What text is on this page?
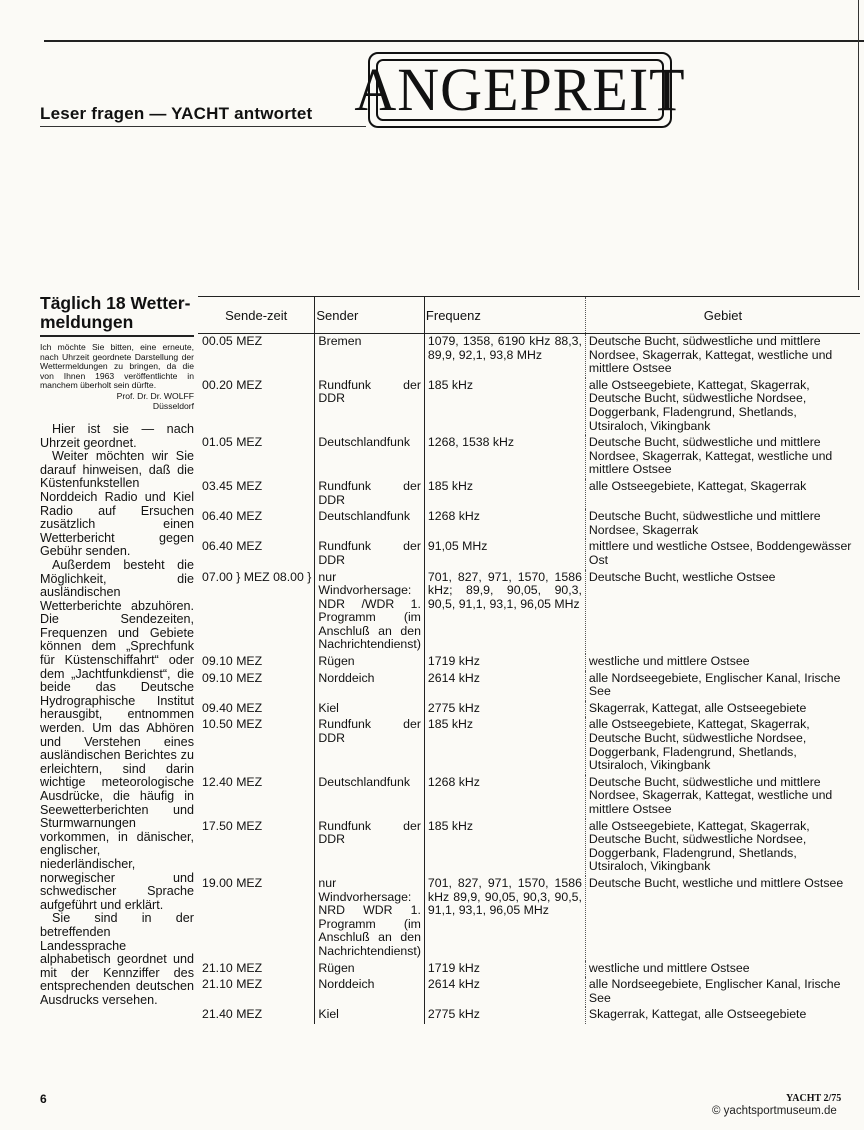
Leser fragen — YACHT antwortet ANGEPREIT
Täglich 18 Wetter-meldungen
Ich möchte Sie bitten, eine erneute, nach Uhrzeit geordnete Darstellung der Wettermeldungen zu bringen, da die von Ihnen 1963 veröffentlichte in manchem überholt sein dürfte.
Prof. Dr. Dr. WOLFF
Düsseldorf

Hier ist sie — nach Uhrzeit geordnet.

Weiter möchten wir Sie darauf hinweisen, daß die Küstenfunkstellen Norddeich Radio und Kiel Radio auf Ersuchen zusätzlich einen Wetterbericht gegen Gebühr senden.

Außerdem besteht die Möglichkeit, die ausländischen Wetterberichte abzuhören. Die Sendezeiten, Frequenzen und Gebiete können dem „Sprechfunk für Küstenschiffahrt“ oder dem „Jachtfunkdienst“, die beide das Deutsche Hydrographische Institut herausgibt, entnommen werden. Um das Abhören und Verstehen eines ausländischen Berichtes zu erleichtern, sind darin wichtige meteorologische Ausdrücke, die häufig in Seewetterberichten und Sturmwarnungen vorkommen, in dänischer, englischer, niederländischer, norwegischer und schwedischer Sprache aufgeführt und erklärt.

Sie sind in der betreffenden Landessprache alphabetisch geordnet und mit der Kennziffer des entsprechenden deutschen Ausdrucks versehen.

Sende-zeit	Sender	Frequenz	Gebiet
00.05 MEZ	Bremen	1079, 1358, 6190 kHz 88,3, 89,9, 92,1, 93,8 MHz	Deutsche Bucht, südwestliche und mittlere Nordsee, Skagerrak, Kattegat, westliche und mittlere Ostsee
00.20 MEZ	Rundfunk der DDR	185 kHz	alle Ostseegebiete, Kattegat, Skagerrak, Deutsche Bucht, südwestliche Nordsee, Doggerbank, Fladengrund, Shetlands, Utsiraloch, Vikingbank
01.05 MEZ	Deutschlandfunk	1268, 1538 kHz	Deutsche Bucht, südwestliche und mittlere Nordsee, Skagerrak, Kattegat, westliche und mittlere Ostsee
03.45 MEZ	Rundfunk der DDR	185 kHz	alle Ostseegebiete, Kattegat, Skagerrak
06.40 MEZ	Deutschlandfunk	1268 kHz	Deutsche Bucht, südwestliche und mittlere Nordsee, Skagerrak
06.40 MEZ	Rundfunk der DDR	91,05 MHz	mittlere und westliche Ostsee, Boddengewässer Ost
07.00 } MEZ 08.00 }	nur Windvorhersage: NDR /WDR 1. Programm (im Anschluß an den Nachrichtendienst)	701, 827, 971, 1570, 1586 kHz; 89,9, 90,05, 90,3, 90,5, 91,1, 93,1, 96,05 MHz	Deutsche Bucht, westliche Ostsee
09.10 MEZ	Rügen	1719 kHz	westliche und mittlere Ostsee
09.10 MEZ	Norddeich	2614 kHz	alle Nordseegebiete, Englischer Kanal, Irische See
09.40 MEZ	Kiel	2775 kHz	Skagerrak, Kattegat, alle Ostseegebiete
10.50 MEZ	Rundfunk der DDR	185 kHz	alle Ostseegebiete, Kattegat, Skagerrak, Deutsche Bucht, südwestliche Nordsee, Doggerbank, Fladengrund, Shetlands, Utsiraloch, Vikingbank
12.40 MEZ	Deutschlandfunk	1268 kHz	Deutsche Bucht, südwestliche und mittlere Nordsee, Skagerrak, Kattegat, westliche und mittlere Ostsee
17.50 MEZ	Rundfunk der DDR	185 kHz	alle Ostseegebiete, Kattegat, Skagerrak, Deutsche Bucht, südwestliche Nordsee, Doggerbank, Fladengrund, Shetlands, Utsiraloch, Vikingbank
19.00 MEZ	nur Windvorhersage: NRD WDR 1. Programm (im Anschluß an den Nachrichtendienst)	701, 827, 971, 1570, 1586 kHz 89,9, 90,05, 90,3, 90,5, 91,1, 93,1, 96,05 MHz	Deutsche Bucht, westliche und mittlere Ostsee
21.10 MEZ	Rügen	1719 kHz	westliche und mittlere Ostsee
21.10 MEZ	Norddeich	2614 kHz	alle Nordseegebiete, Englischer Kanal, Irische See
21.40 MEZ	Kiel	2775 kHz	Skagerrak, Kattegat, alle Ostseegebiete
6	YACHT 2/75
© yachtsportmuseum.de
